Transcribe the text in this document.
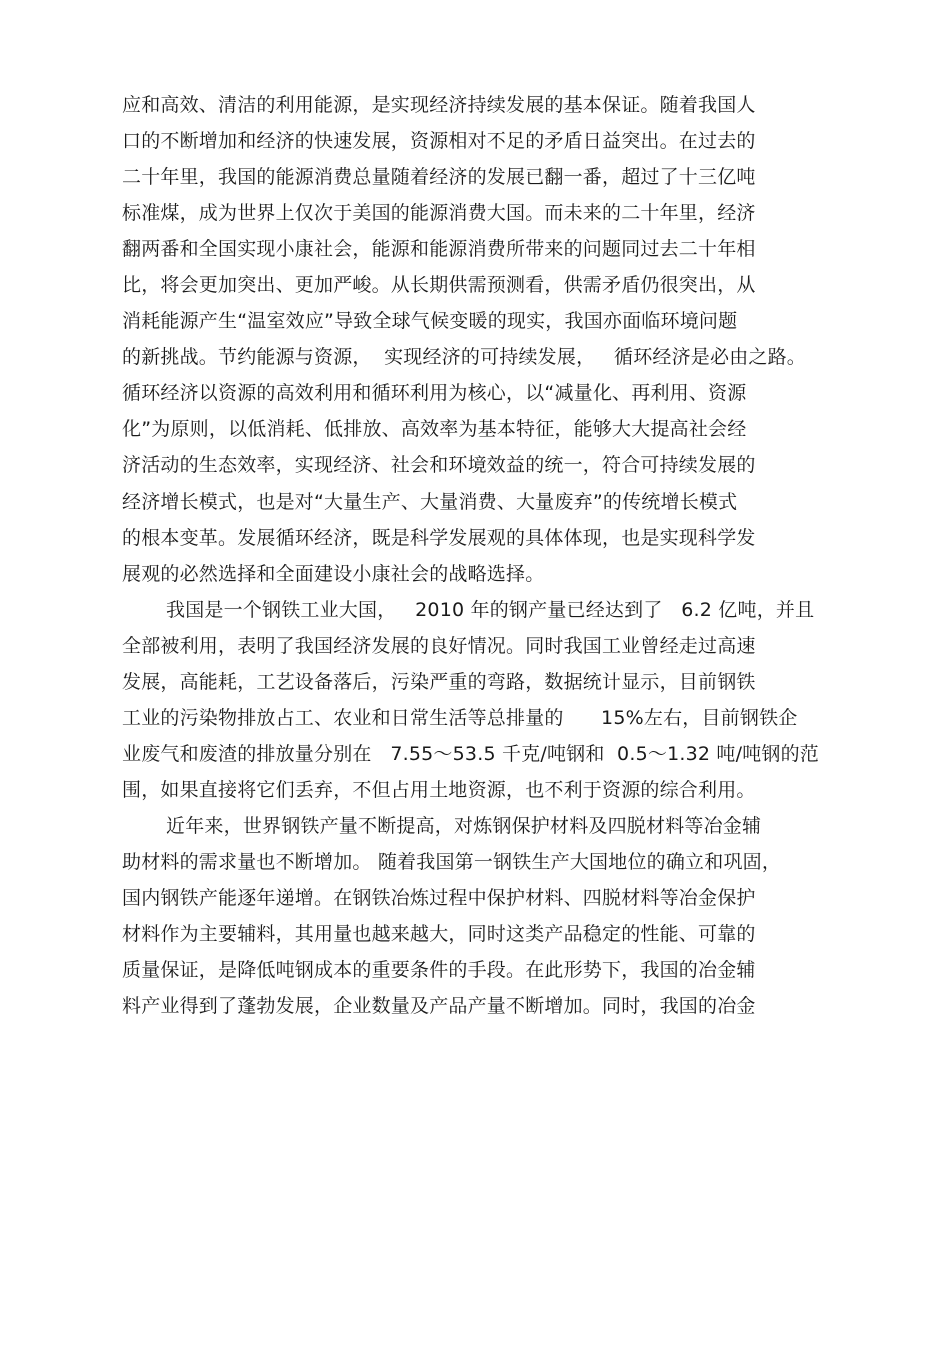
应和高效、清洁的利用能源，是实现经济持续发展的基本保证。随着我国人
口的不断增加和经济的快速发展，资源相对不足的矛盾日益突出。在过去的
二十年里，我国的能源消费总量随着经济的发展已翻一番，超过了十三亿吨
标准煤，成为世界上仅次于美国的能源消费大国。而未来的二十年里，经济
翻两番和全国实现小康社会，能源和能源消费所带来的问题同过去二十年相
比，将会更加突出、更加严峻。从长期供需预测看，供需矛盾仍很突出，从
消耗能源产生“温室效应”导致全球气候变暖的现实，我国亦面临环境问题
的新挑战。节约能源与资源，  实现经济的可持续发展，   循环经济是必由之路。
循环经济以资源的高效利用和循环利用为核心，以“减量化、再利用、资源
化”为原则，以低消耗、低排放、高效率为基本特征，能够大大提高社会经
济活动的生态效率，实现经济、社会和环境效益的统一，符合可持续发展的
经济增长模式，也是对“大量生产、大量消费、大量废弃”的传统增长模式
的根本变革。发展循环经济，既是科学发展观的具体体现，也是实现科学发
展观的必然选择和全面建设小康社会的战略选择。
我国是一个钢铁工业大国，   2010 年的钢产量已经达到了   6.2 亿吨，并且
全部被利用，表明了我国经济发展的良好情况。同时我国工业曾经走过高速
发展，高能耗，工艺设备落后，污染严重的弯路，数据统计显示，目前钢铁
工业的污染物排放占工、农业和日常生活等总排量的      15%左右，目前钢铁企
业废气和废渣的排放量分别在   7.55～53.5 千克/吨钢和  0.5～1.32 吨/吨钢的范
围，如果直接将它们丢弃，不但占用土地资源，也不利于资源的综合利用。
近年来，世界钢铁产量不断提高，对炼钢保护材料及四脱材料等冶金辅
助材料的需求量也不断增加。 随着我国第一钢铁生产大国地位的确立和巩固，
国内钢铁产能逐年递增。在钢铁冶炼过程中保护材料、四脱材料等冶金保护
材料作为主要辅料，其用量也越来越大，同时这类产品稳定的性能、可靠的
质量保证，是降低吨钢成本的重要条件的手段。在此形势下，我国的冶金辅
料产业得到了蓬勃发展，企业数量及产品产量不断增加。同时，我国的冶金
